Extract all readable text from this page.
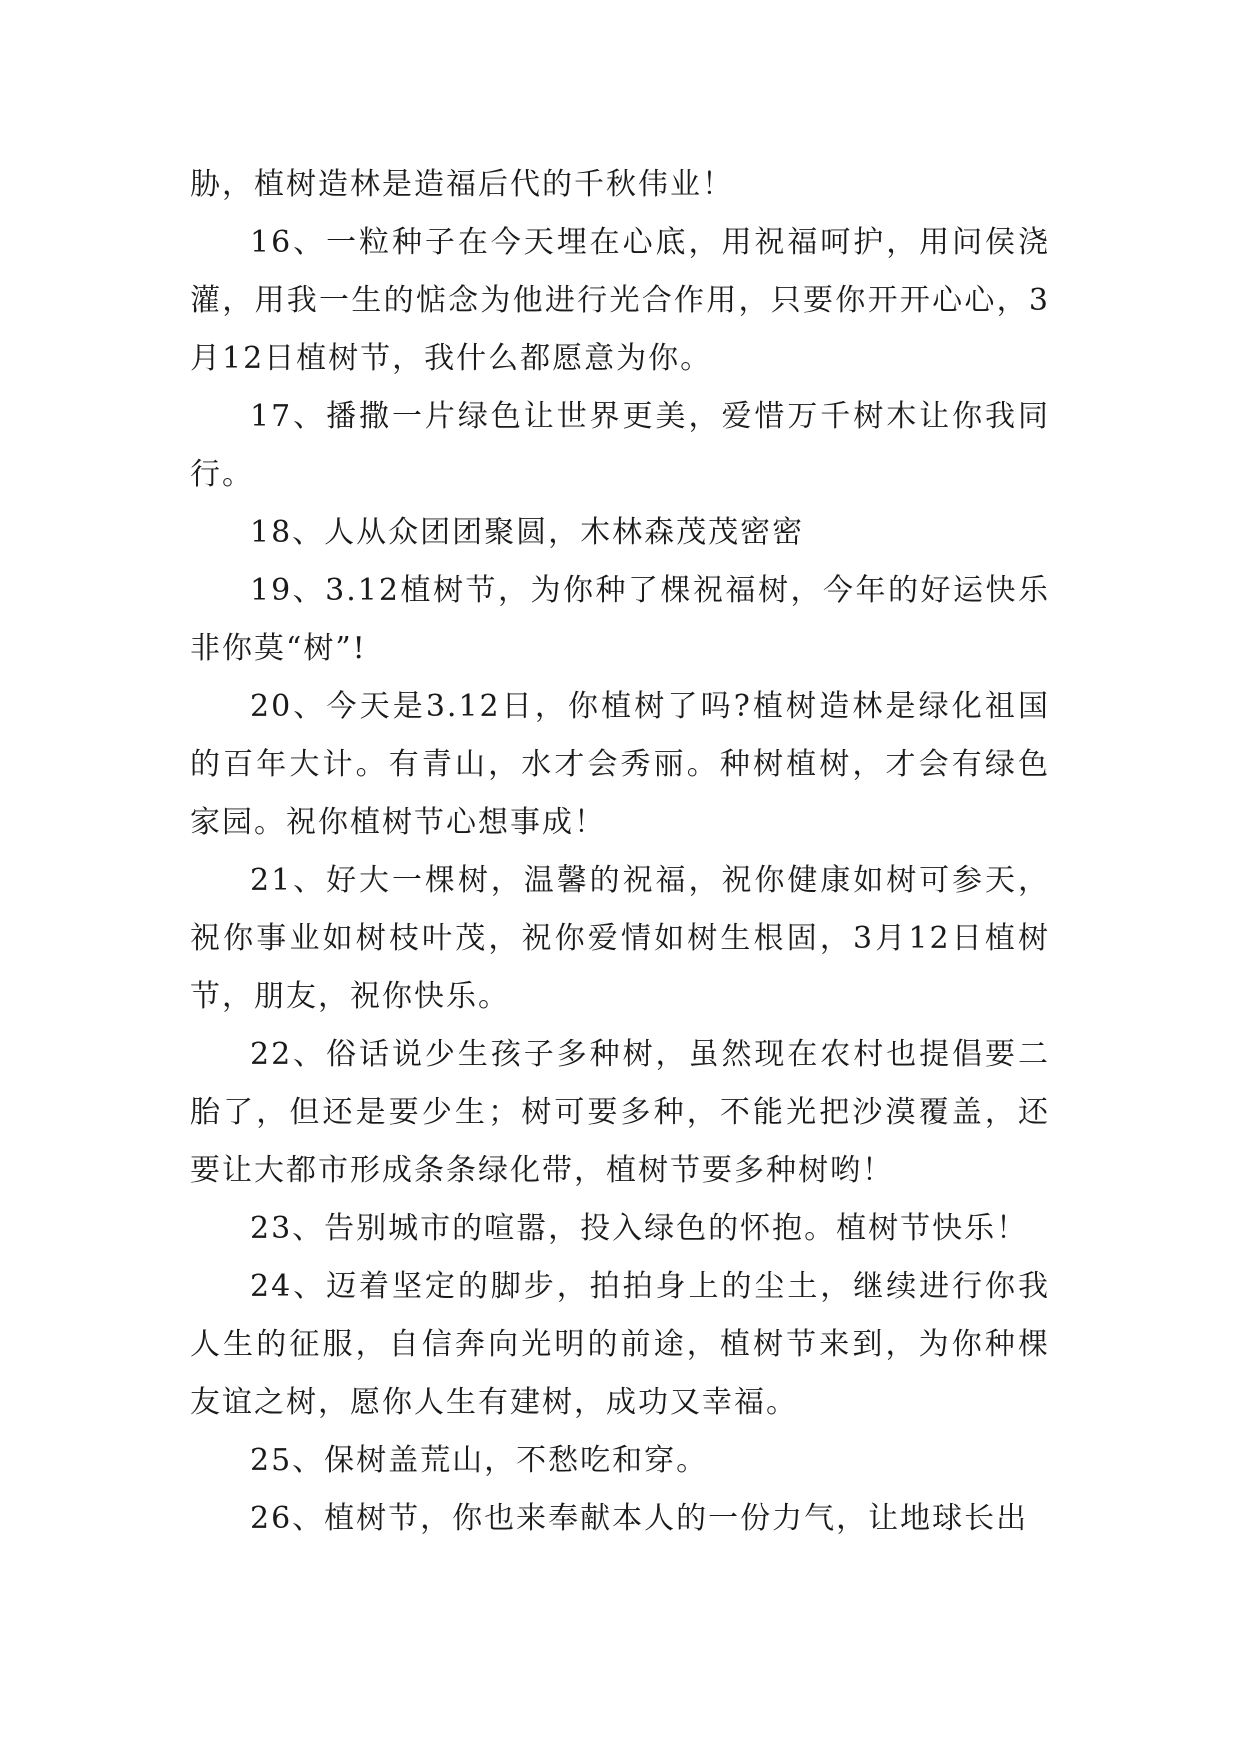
胁，植树造林是造福后代的千秋伟业！

16、一粒种子在今天埋在心底，用祝福呵护，用问侯浇灌，用我一生的惦念为他进行光合作用，只要你开开心心，3月12日植树节，我什么都愿意为你。

17、播撒一片绿色让世界更美，爱惜万千树木让你我同行。

18、人从众团团聚圆，木林森茂茂密密

19、3.12植树节，为你种了棵祝福树，今年的好运快乐非你莫“树”!

20、今天是3.12日，你植树了吗?植树造林是绿化祖国的百年大计。有青山，水才会秀丽。种树植树，才会有绿色家园。祝你植树节心想事成！

21、好大一棵树，温馨的祝福，祝你健康如树可参天，祝你事业如树枝叶茂，祝你爱情如树生根固，3月12日植树节，朋友，祝你快乐。

22、俗话说少生孩子多种树，虽然现在农村也提倡要二胎了，但还是要少生；树可要多种，不能光把沙漠覆盖，还要让大都市形成条条绿化带，植树节要多种树哟！

23、告别城市的喧嚣，投入绿色的怀抱。植树节快乐！

24、迈着坚定的脚步，拍拍身上的尘土，继续进行你我人生的征服，自信奔向光明的前途，植树节来到，为你种棵友谊之树，愿你人生有建树，成功又幸福。

25、保树盖荒山，不愁吃和穿。

26、植树节，你也来奉献本人的一份力气，让地球长出
